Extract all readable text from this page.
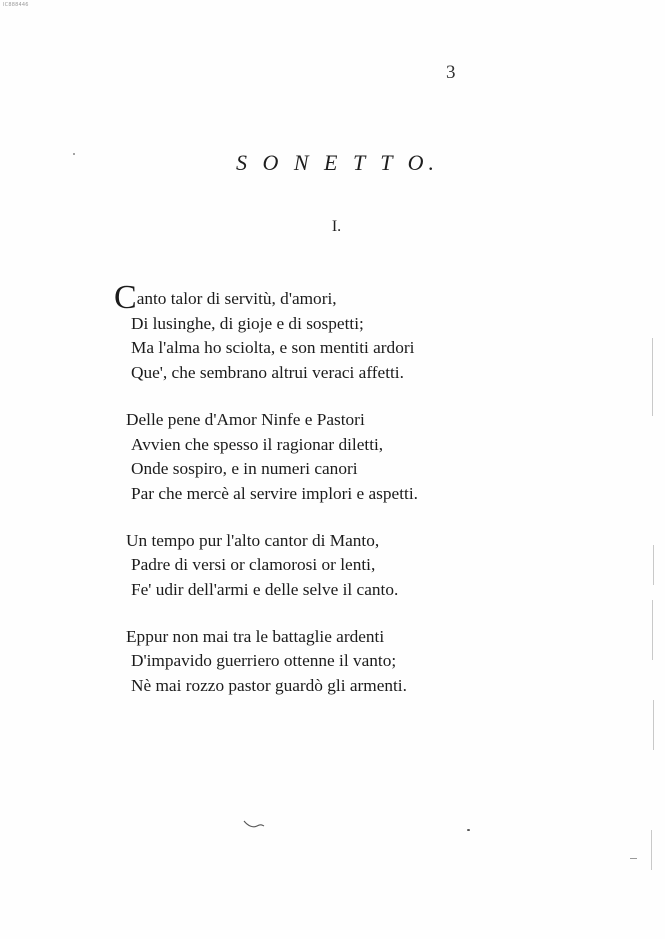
IC888446
3
S O N E T T O.
I.
Canto talor di servitù, d'amori,
Di lusinghe, di gioje e di sospetti;
Ma l'alma ho sciolta, e son mentiti ardori
Que', che sembrano altrui veraci affetti.
Delle pene d'Amor Ninfe e Pastori
Avvien che spesso il ragionar diletti,
Onde sospiro, e in numeri canori
Par che mercè al servire implori e aspetti.
Un tempo pur l'alto cantor di Manto,
Padre di versi or clamorosi or lenti,
Fe' udir dell'armi e delle selve il canto.
Eppur non mai tra le battaglie ardenti
D'impavido guerriero ottenne il vanto;
Nè mai rozzo pastor guardò gli armenti.
